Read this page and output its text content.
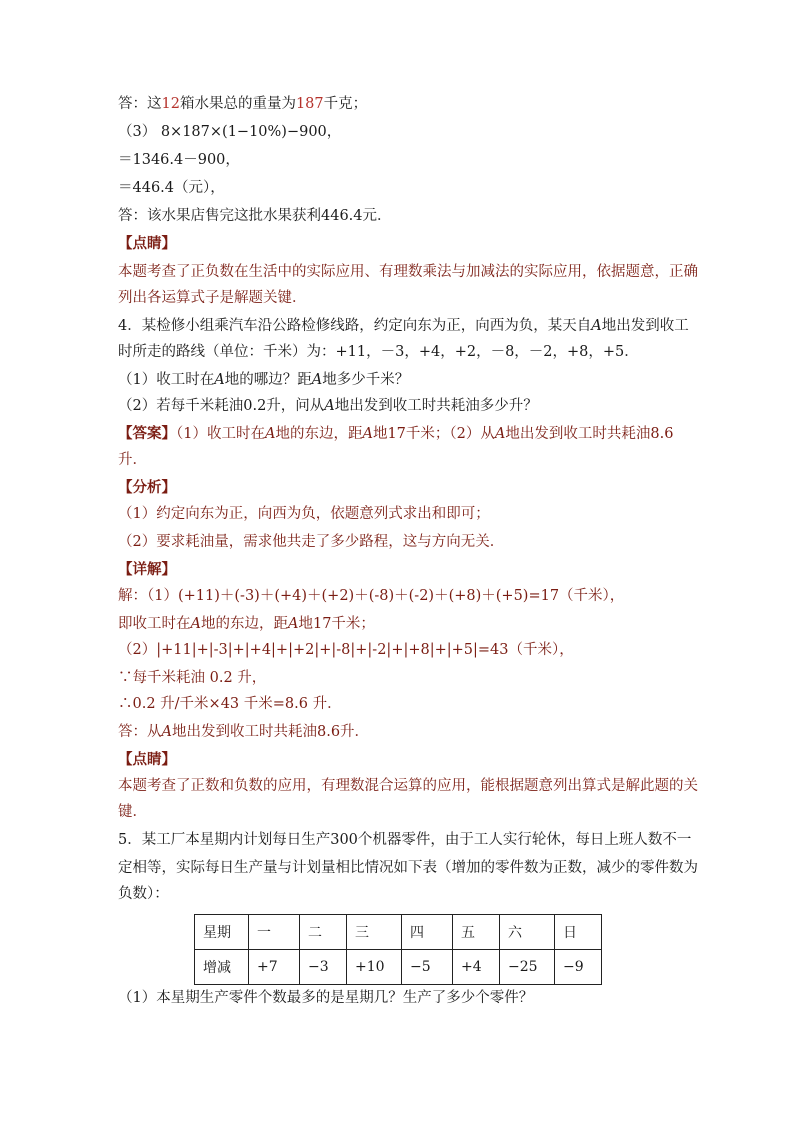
答：这12箱水果总的重量为187千克；
（3） 8×187×(1−10%)−900，
＝1346.4－900，
＝446.4（元），
答：该水果店售完这批水果获利446.4元．
【点睛】
本题考查了正负数在生活中的实际应用、有理数乘法与加减法的实际应用，依据题意，正确
列出各运算式子是解题关键．
4．某检修小组乘汽车沿公路检修线路，约定向东为正，向西为负，某天自A地出发到收工
时所走的路线（单位：千米）为：+11，－3，+4，+2，－8，－2，+8，+5．
（1）收工时在A地的哪边？距A地多少千米？
（2）若每千米耗油0.2升，问从A地出发到收工时共耗油多少升？
【答案】（1）收工时在A地的东边，距A地17千米；（2）从A地出发到收工时共耗油8.6
升．
【分析】
（1）约定向东为正，向西为负，依题意列式求出和即可；
（2）要求耗油量，需求他共走了多少路程，这与方向无关．
【详解】
解：（1）(+11)＋(-3)＋(+4)＋(+2)＋(-8)＋(-2)＋(+8)＋(+5)=17（千米），
即收工时在A地的东边，距A地17千米；
（2）|+11|+|-3|+|+4|+|+2|+|-8|+|-2|+|+8|+|+5|=43（千米），
∵每千米耗油 0.2 升，
∴0.2 升/千米×43 千米=8.6 升．
答：从A地出发到收工时共耗油8.6升．
【点睛】
本题考查了正数和负数的应用，有理数混合运算的应用，能根据题意列出算式是解此题的关
键．
5．某工厂本星期内计划每日生产300个机器零件，由于工人实行轮休，每日上班人数不一
定相等，实际每日生产量与计划量相比情况如下表（增加的零件数为正数，减少的零件数为
负数）：
星期	一	二	三	四	五	六	日
增减	+7	−3	+10	−5	+4	−25	−9
（1）本星期生产零件个数最多的是星期几？生产了多少个零件？
